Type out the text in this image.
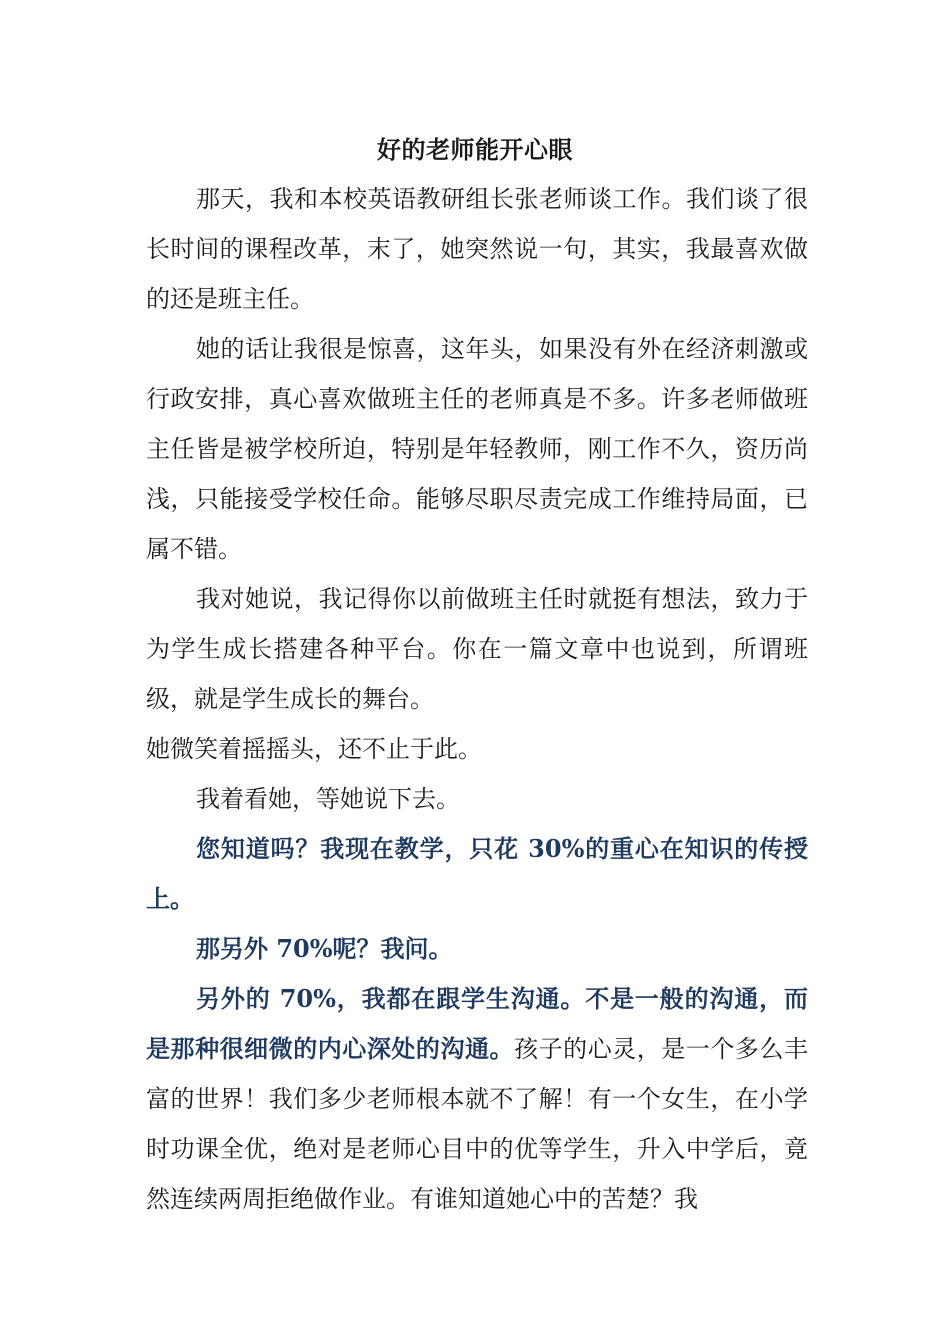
好的老师能开心眼

那天，我和本校英语教研组长张老师谈工作。我们谈了很长时间的课程改革，末了，她突然说一句，其实，我最喜欢做的还是班主任。

她的话让我很是惊喜，这年头，如果没有外在经济刺激或行政安排，真心喜欢做班主任的老师真是不多。许多老师做班主任皆是被学校所迫，特别是年轻教师，刚工作不久，资历尚浅，只能接受学校任命。能够尽职尽责完成工作维持局面，已属不错。

我对她说，我记得你以前做班主任时就挺有想法，致力于为学生成长搭建各种平台。你在一篇文章中也说到，所谓班级，就是学生成长的舞台。

她微笑着摇摇头，还不止于此。

我着看她，等她说下去。

您知道吗？我现在教学，只花 30%的重心在知识的传授上。

那另外 70%呢？我问。

另外的 70%，我都在跟学生沟通。不是一般的沟通，而是那种很细微的内心深处的沟通。孩子的心灵，是一个多么丰富的世界！我们多少老师根本就不了解！有一个女生，在小学时功课全优，绝对是老师心目中的优等学生，升入中学后，竟然连续两周拒绝做作业。有谁知道她心中的苦楚？我
